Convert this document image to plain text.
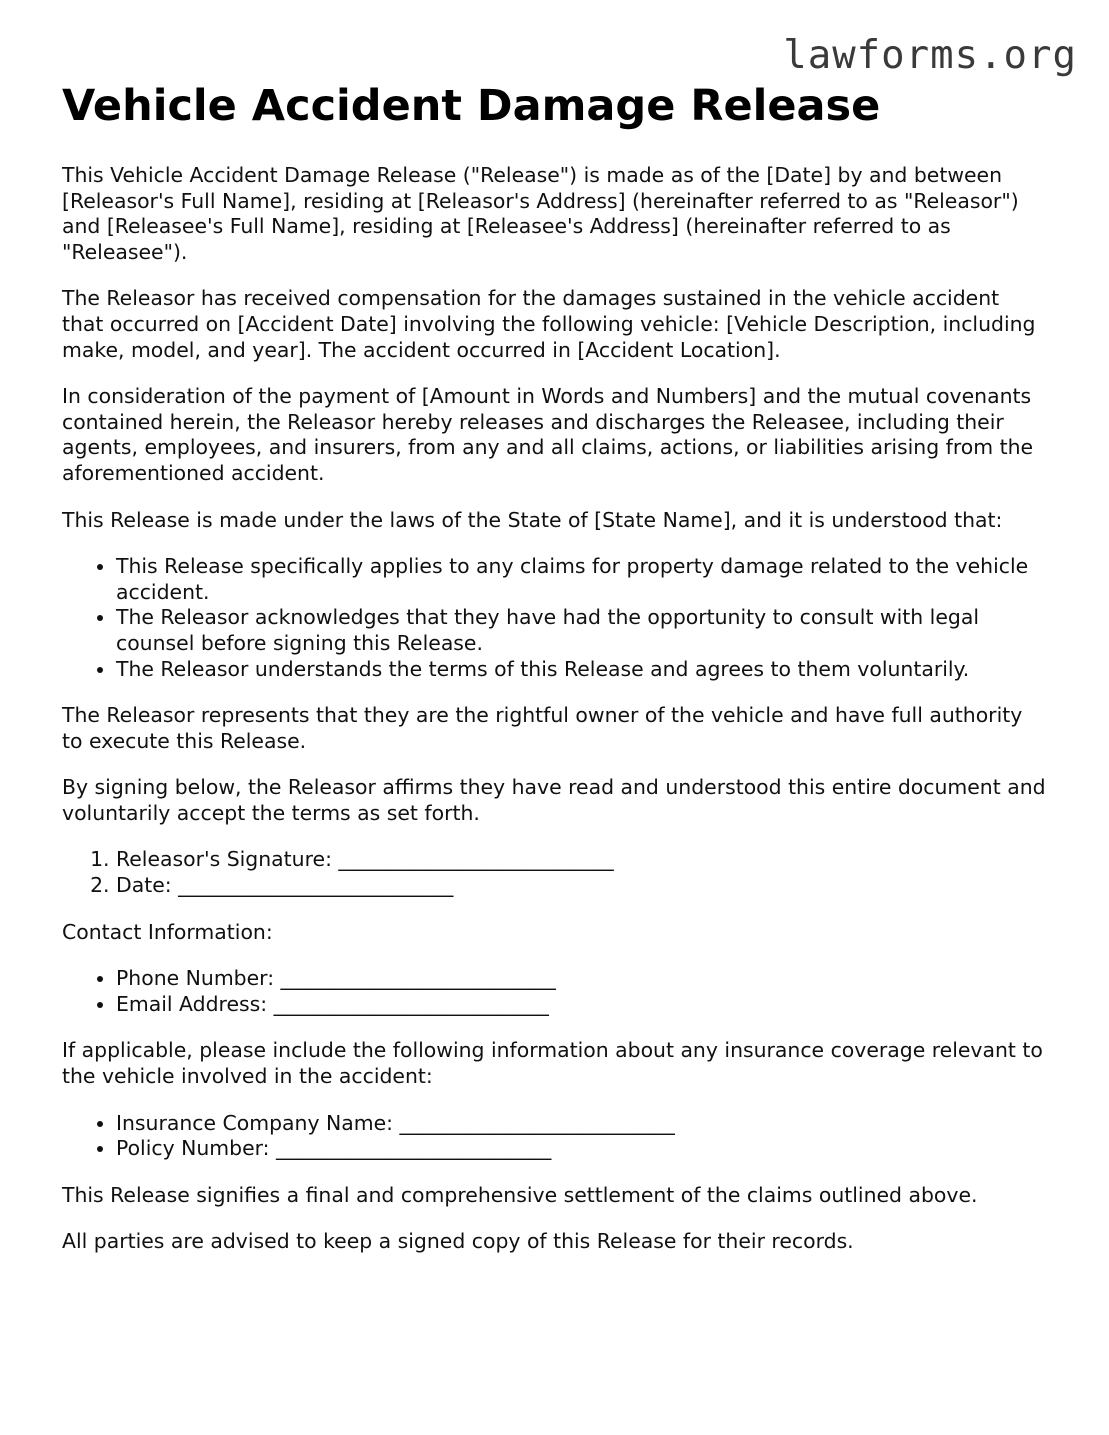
lawforms.org
Vehicle Accident Damage Release

This Vehicle Accident Damage Release ("Release") is made as of the [Date] by and between [Releasor's Full Name], residing at [Releasor's Address] (hereinafter referred to as "Releasor") and [Releasee's Full Name], residing at [Releasee's Address] (hereinafter referred to as "Releasee").

The Releasor has received compensation for the damages sustained in the vehicle accident that occurred on [Accident Date] involving the following vehicle: [Vehicle Description, including make, model, and year]. The accident occurred in [Accident Location].

In consideration of the payment of [Amount in Words and Numbers] and the mutual covenants contained herein, the Releasor hereby releases and discharges the Releasee, including their agents, employees, and insurers, from any and all claims, actions, or liabilities arising from the aforementioned accident.

This Release is made under the laws of the State of [State Name], and it is understood that:

• This Release specifically applies to any claims for property damage related to the vehicle accident.
• The Releasor acknowledges that they have had the opportunity to consult with legal counsel before signing this Release.
• The Releasor understands the terms of this Release and agrees to them voluntarily.

The Releasor represents that they are the rightful owner of the vehicle and have full authority to execute this Release.

By signing below, the Releasor affirms they have read and understood this entire document and voluntarily accept the terms as set forth.

1. Releasor's Signature: ___________________________
2. Date: ___________________________

Contact Information:

• Phone Number: ___________________________
• Email Address: ___________________________

If applicable, please include the following information about any insurance coverage relevant to the vehicle involved in the accident:

• Insurance Company Name: ___________________________
• Policy Number: ___________________________

This Release signifies a final and comprehensive settlement of the claims outlined above.

All parties are advised to keep a signed copy of this Release for their records.
